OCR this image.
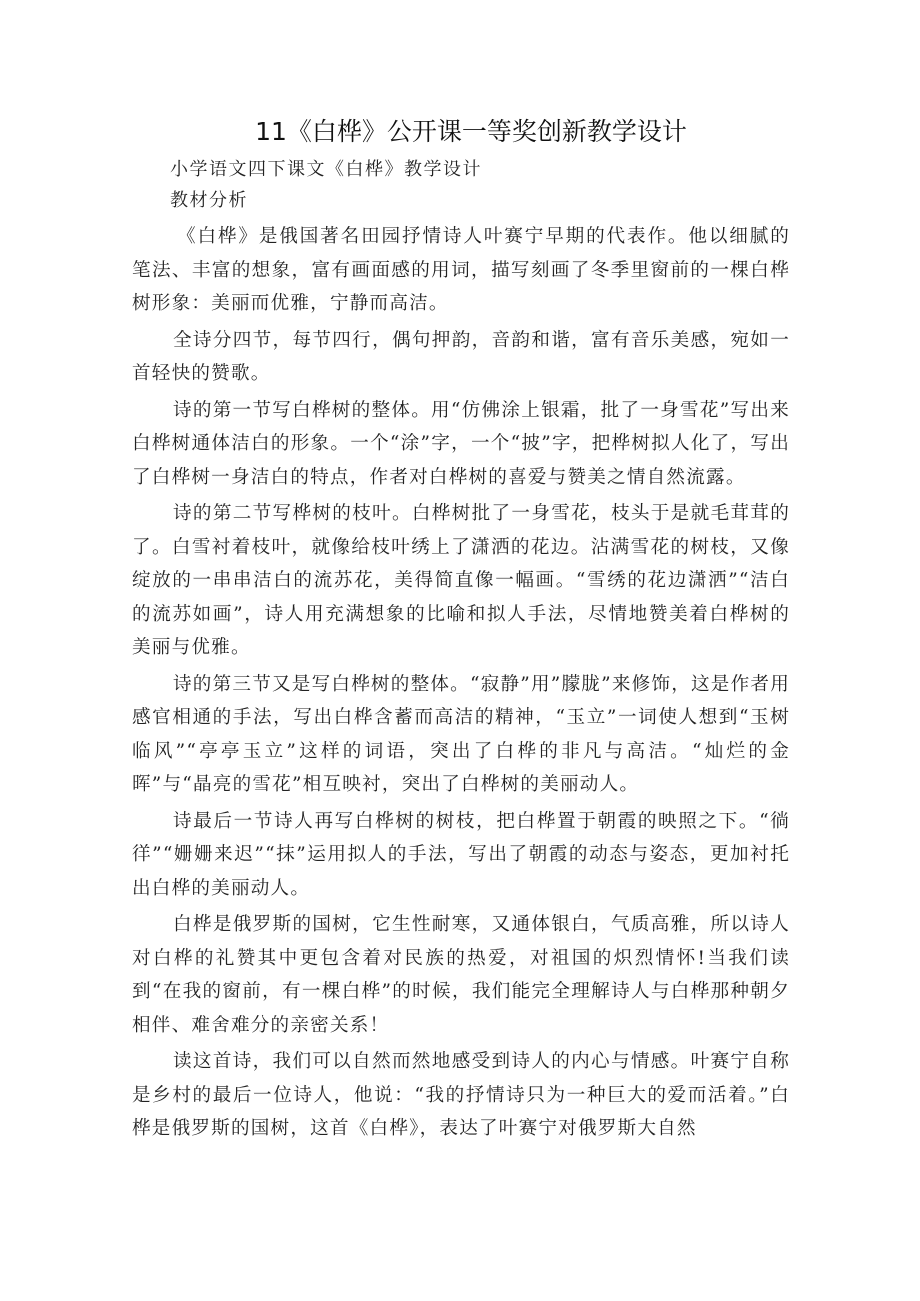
11《白桦》公开课一等奖创新教学设计

小学语文四下课文《白桦》教学设计

教材分析

《白桦》是俄国著名田园抒情诗人叶赛宁早期的代表作。他以细腻的笔法、丰富的想象，富有画面感的用词，描写刻画了冬季里窗前的一棵白桦树形象：美丽而优雅，宁静而高洁。

全诗分四节，每节四行，偶句押韵，音韵和谐，富有音乐美感，宛如一首轻快的赞歌。

诗的第一节写白桦树的整体。用“仿佛涂上银霜，批了一身雪花”写出来白桦树通体洁白的形象。一个“涂”字，一个“披”字，把桦树拟人化了，写出了白桦树一身洁白的特点，作者对白桦树的喜爱与赞美之情自然流露。

诗的第二节写桦树的枝叶。白桦树批了一身雪花，枝头于是就毛茸茸的了。白雪衬着枝叶，就像给枝叶绣上了潇洒的花边。沾满雪花的树枝，又像绽放的一串串洁白的流苏花，美得简直像一幅画。“雪绣的花边潇洒”“洁白的流苏如画”，诗人用充满想象的比喻和拟人手法，尽情地赞美着白桦树的美丽与优雅。

诗的第三节又是写白桦树的整体。“寂静”用”朦胧”来修饰，这是作者用感官相通的手法，写出白桦含蓄而高洁的精神，“玉立”一词使人想到“玉树临风”“亭亭玉立”这样的词语，突出了白桦的非凡与高洁。“灿烂的金晖”与“晶亮的雪花”相互映衬，突出了白桦树的美丽动人。

诗最后一节诗人再写白桦树的树枝，把白桦置于朝霞的映照之下。“徜徉”“姗姗来迟”“抹”运用拟人的手法，写出了朝霞的动态与姿态，更加衬托出白桦的美丽动人。

白桦是俄罗斯的国树，它生性耐寒，又通体银白，气质高雅，所以诗人对白桦的礼赞其中更包含着对民族的热爱，对祖国的炽烈情怀!当我们读到“在我的窗前，有一棵白桦”的时候，我们能完全理解诗人与白桦那种朝夕相伴、难舍难分的亲密关系！

读这首诗，我们可以自然而然地感受到诗人的内心与情感。叶赛宁自称是乡村的最后一位诗人，他说：“我的抒情诗只为一种巨大的爱而活着。”白桦是俄罗斯的国树，这首《白桦》，表达了叶赛宁对俄罗斯大自然
